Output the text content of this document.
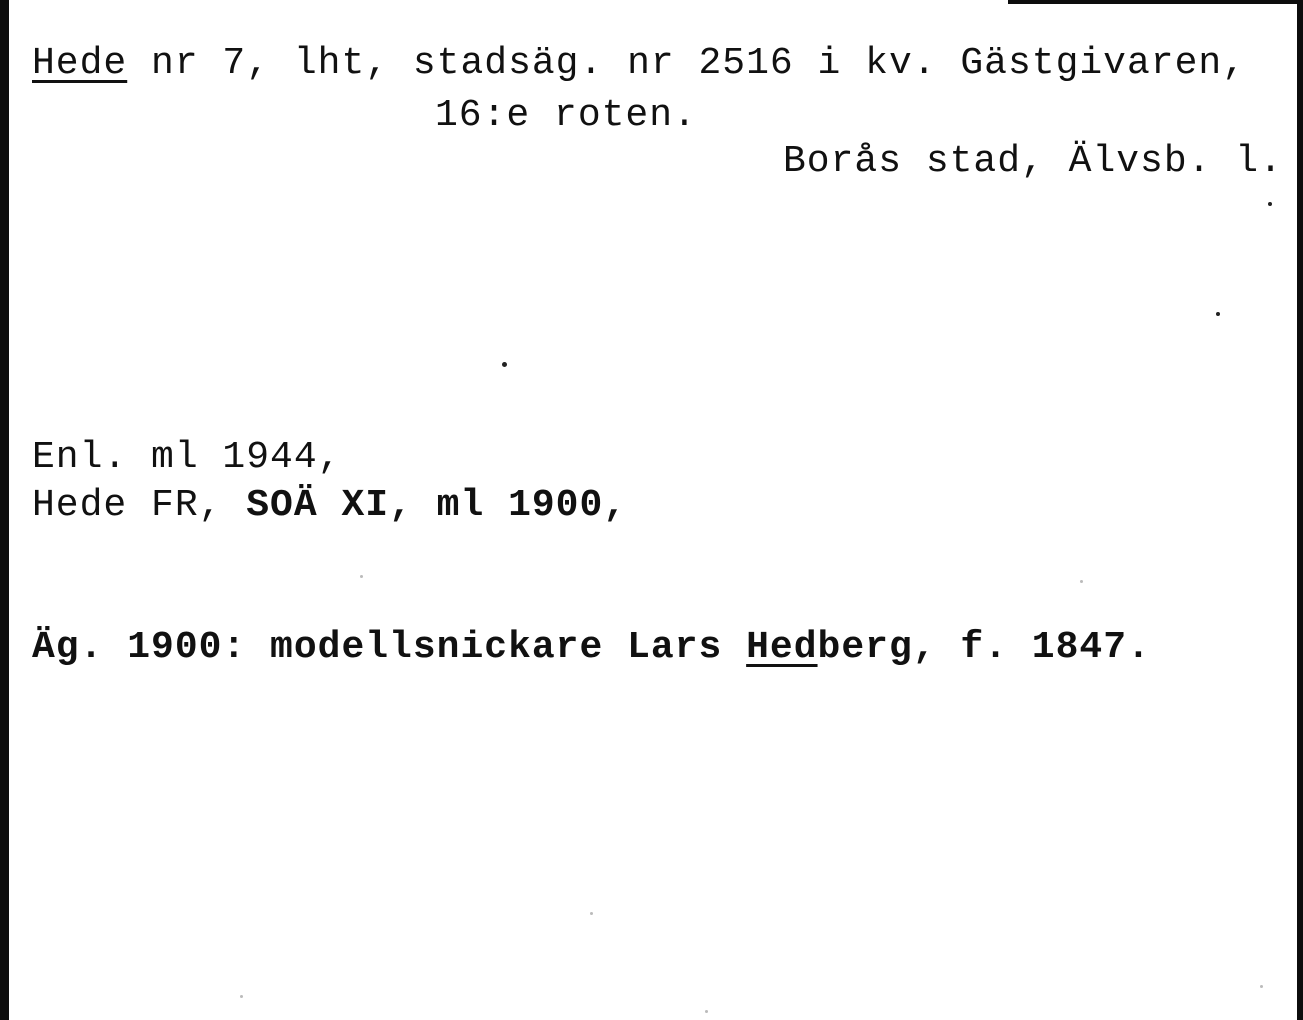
Hede nr 7, lht, stadsäg. nr 2516 i kv. Gästgivaren,

16:e roten.

Borås stad, Älvsb. l.

Enl. ml 1944,

Hede FR, SOÄ XI, ml 1900,

Äg. 1900: modellsnickare Lars Hedberg, f. 1847.
